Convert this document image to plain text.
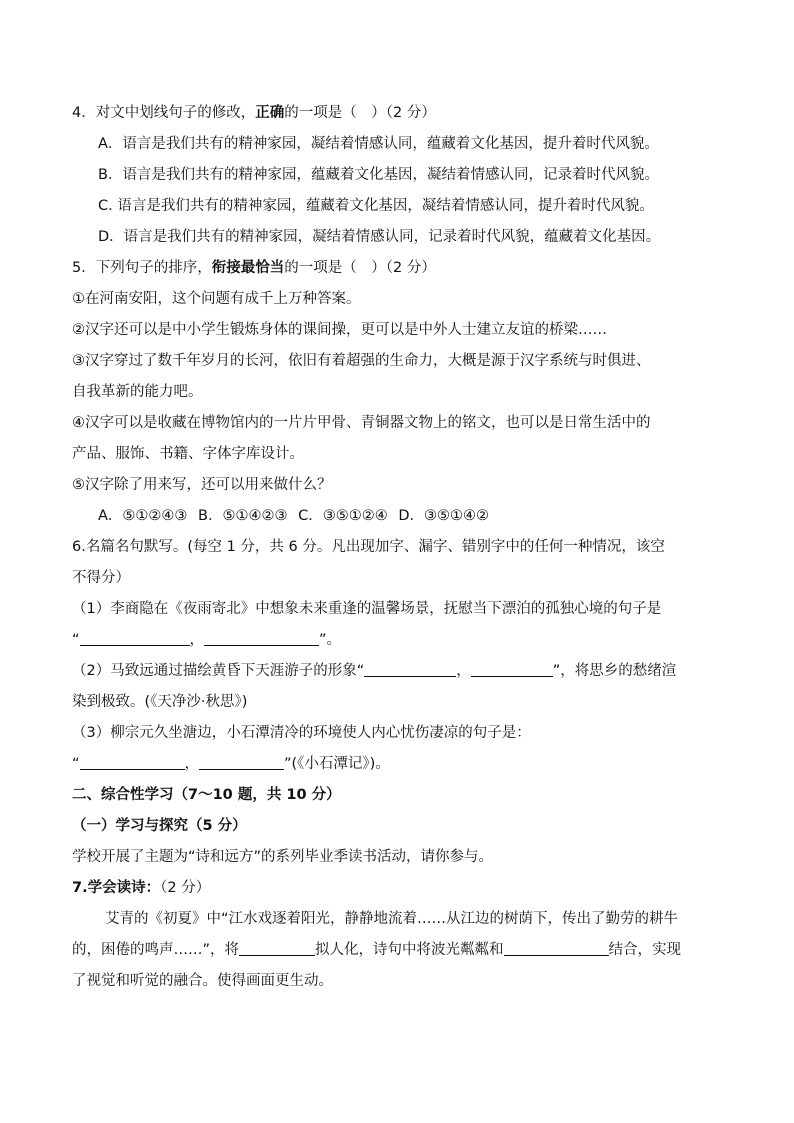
4．对文中划线句子的修改，正确的一项是（　）（2 分）
A．语言是我们共有的精神家园，凝结着情感认同，蕴藏着文化基因，提升着时代风貌。
B．语言是我们共有的精神家园，蕴藏着文化基因，凝结着情感认同，记录着时代风貌。
C. 语言是我们共有的精神家园，蕴藏着文化基因，凝结着情感认同，提升着时代风貌。
D．语言是我们共有的精神家园，凝结着情感认同，记录着时代风貌，蕴藏着文化基因。
5．下列句子的排序，衔接最恰当的一项是（　）（2 分）
①在河南安阳，这个问题有成千上万种答案。
②汉字还可以是中小学生锻炼身体的课间操，更可以是中外人士建立友谊的桥梁……
③汉字穿过了数千年岁月的长河，依旧有着超强的生命力，大概是源于汉字系统与时俱进、
自我革新的能力吧。
④汉字可以是收藏在博物馆内的一片片甲骨、青铜器文物上的铭文，也可以是日常生活中的
产品、服饰、书籍、字体字库设计。
⑤汉字除了用来写，还可以用来做什么？
A．⑤①②④③ B．⑤①④②③ C．③⑤①②④ D．③⑤①④②
6.名篇名句默写。(每空 1 分，共 6 分。凡出现加字、漏字、错别字中的任何一种情况，该空
不得分）
（1）李商隐在《夜雨寄北》中想象未来重逢的温馨场景，抚慰当下漂泊的孤独心境的句子是
“	，	”。
（2）马致远通过描绘黄昏下天涯游子的形象“	，	”，将思乡的愁绪渲
染到极致。(《天净沙·秋思》)
（3）柳宗元久坐溏边，小石潭清冷的环境使人内心忧伤凄凉的句子是：
“	，	”(《小石潭记》)。
二、综合性学习（7～10 题，共 10 分）
（一）学习与探究（5 分）
学校开展了主题为“诗和远方”的系列毕业季读书活动，请你参与。
7.学会读诗：（2 分）
艾青的《初夏》中“江水戏逐着阳光，静静地流着……从江边的树荫下，传出了勤劳的耕牛
的，困倦的鸣声……”，将	拟人化，诗句中将波光粼粼和	结合，实现
了视觉和听觉的融合。使得画面更生动。
